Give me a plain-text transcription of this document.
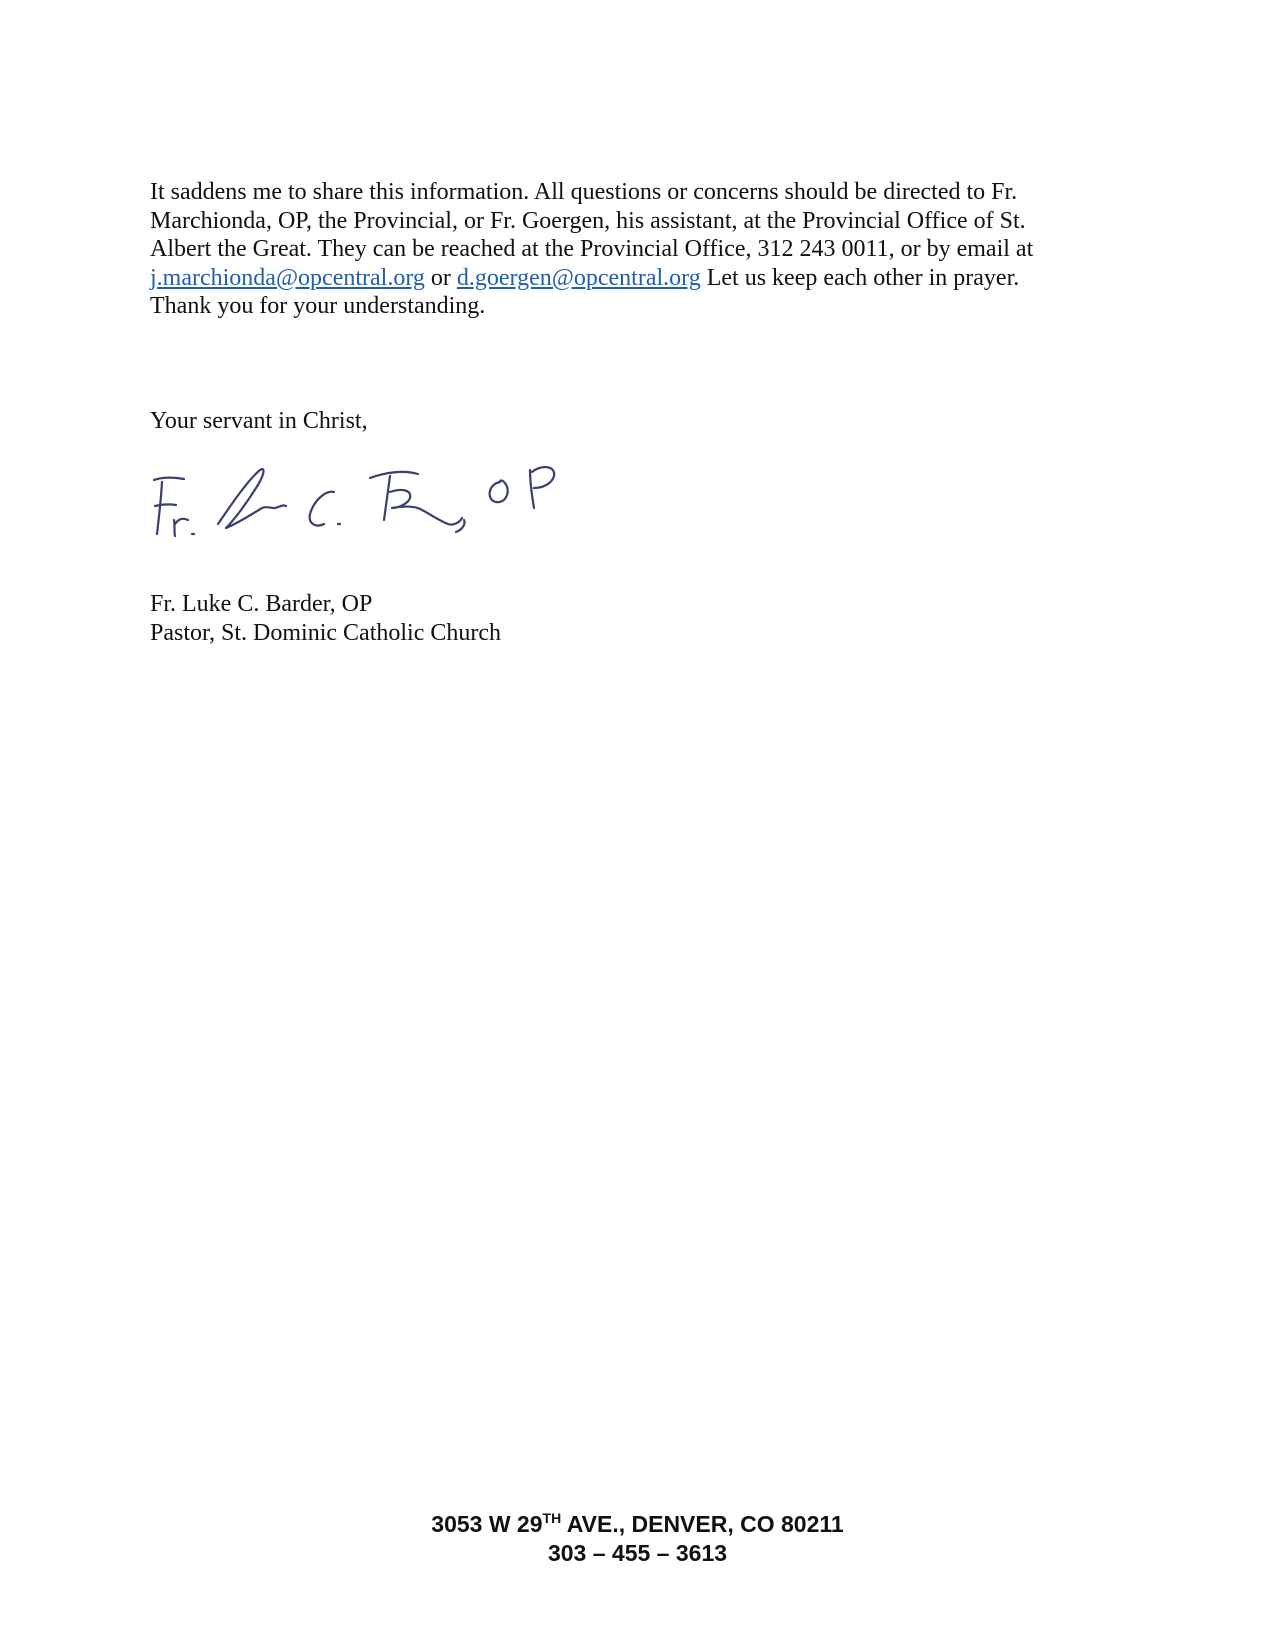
It saddens me to share this information. All questions or concerns should be directed to Fr.
Marchionda, OP, the Provincial, or Fr. Goergen, his assistant, at the Provincial Office of St.
Albert the Great. They can be reached at the Provincial Office, 312 243 0011, or by email at
j.marchionda@opcentral.org or d.goergen@opcentral.org Let us keep each other in prayer.
Thank you for your understanding.
Your servant in Christ,
Fr. Luke C. Barder, OP
Pastor, St. Dominic Catholic Church
3053 W 29TH AVE., DENVER, CO 80211
303 – 455 – 3613
